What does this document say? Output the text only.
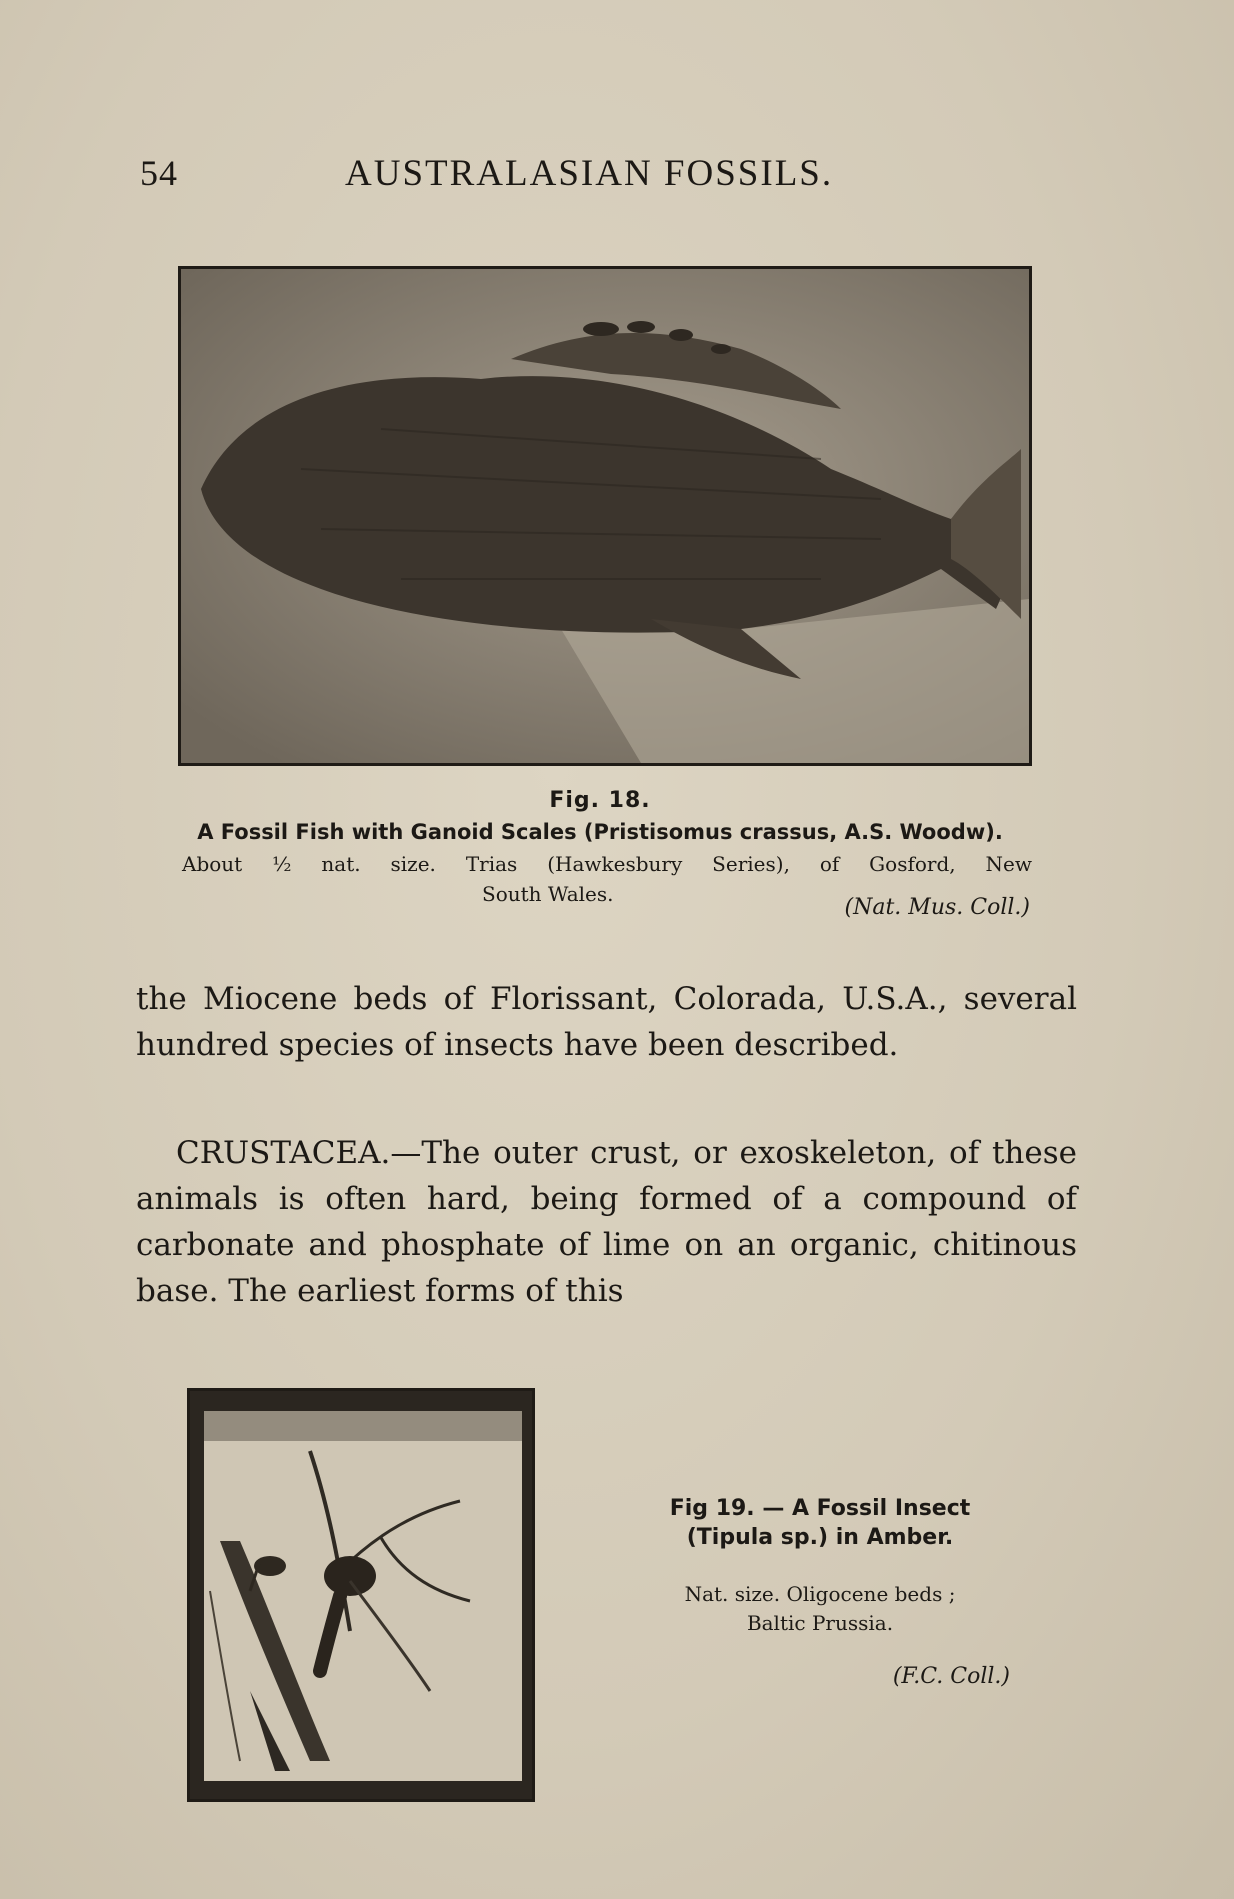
54	AUSTRALASIAN FOSSILS.
Fig. 18.
A Fossil Fish with Ganoid Scales (Pristisomus crassus, A.S. Woodw).
About ½ nat. size. Trias (Hawkesbury Series), of Gosford, New
South Wales.
(Nat. Mus. Coll.)
the Miocene beds of Florissant, Colorada, U.S.A., several hundred species of insects have been described.
CRUSTACEA.—The outer crust, or exoskeleton, of these animals is often hard, being formed of a compound of carbonate and phosphate of lime on an organic, chitinous base. The earliest forms of this
Fig 19. — A Fossil Insect
(Tipula sp.) in Amber.
Nat. size. Oligocene beds ;
Baltic Prussia.
(F.C. Coll.)
